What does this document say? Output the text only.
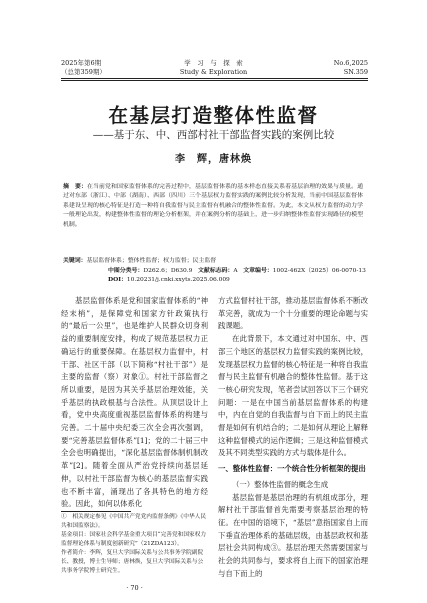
2025年第6期
（总第359期）
学　习　与　探　索
Study & Exploration
No.6,2025
SN.359
在基层打造整体性监督
——基于东、中、西部村社干部监督实践的案例比较
李　辉，唐林焕
摘　要：在当前党和国家监督体系的完善过程中，基层监督体系的基本样态直接关系着基层治理的效果与质量。通过对东部（浙江）、中部（湖南）、西部（四川）三个基层权力监督实践的案例比较分析发现，当前中国基层监督体系建设呈现的核心特征是打造一种将自我监督与民主监督有机融合的整体性监督。为此，本文从权力监督的动力学一般理论出发，构建整体性监督的理论分析框架，并在案例分析的基础上，进一步归纳整体性监督实现路径的模型机制。
关键词：基层监督体系；整体性监督；权力监督；民主监督
中图分类号：D262.6；D630.9 文献标志码：A 文章编号：1002-462X（2025）06-0070-13
DOI：10.20231/j.cnki.xxyts.2025.06.009

基层监督体系是党和国家监督体系的“神经末梢”，是保障党和国家方针政策执行的“最后一公里”，也是维护人民群众切身利益的重要制度安排，构成了规范基层权力正确运行的重要保障。在基层权力监督中，村干部、社区干部（以下简称“村社干部”）是主要的监督（察）对象①。村社干部监督之所以重要，是因为其关乎基层治理效能，关乎基层的执政根基与合法性。从顶层设计上看，党中央高度重视基层监督体系的构建与完善。二十届中央纪委三次全会再次强调，要“完善基层监督体系”[1]；党的二十届三中全会也明确提出，“深化基层监督体制机制改革”[2]。随着全面从严治党持续向基层延伸，以村社干部监督为核心的基层监督实践也不断丰富，涌现出了各具特色的地方经验。因此，如何以体系化

①　相关规定参见《中国共产党党内监督条例》《中华人民共和国监察法》。
基金项目：国家社会科学基金重大项目“完善党和国家权力监督理论体系与制度创新研究”（21ZDA123）。
作者简介：李辉，复旦大学国际关系与公共事务学院副院长、教授，博士生导师；唐林焕，复旦大学国际关系与公共事务学院博士研究生。

方式监督村社干部，推动基层监督体系不断改革完善，就成为一个十分重要的理论命题与实践课题。

在此背景下，本文通过对中国东、中、西部三个地区的基层权力监督实践的案例比较，发现基层权力监督的核心特征是一种将自我监督与民主监督有机融合的整体性监督。基于这一核心研究发现，笔者尝试回答以下三个研究问题：一是在中国当前基层监督体系的构建中，内在自觉的自我监督与自下而上的民主监督是如何有机结合的；二是如何从理论上解释这种监督模式的运作逻辑；三是这种监督模式及其不同类型实践的方式与载体是什么。

一、整体性监督：一个统合性分析框架的提出

（一）整体性监督的概念生成

基层监督是基层治理的有机组成部分，理解村社干部监督首先需要考察基层治理的特征。在中国的语境下，“基层”意指国家自上而下垂直治理体系的基础层级，由基层政权和基层社会共同构成③。基层治理天然需要国家与社会的共同参与，要求将自上而下的国家治理与自下而上的

· 70 ·
